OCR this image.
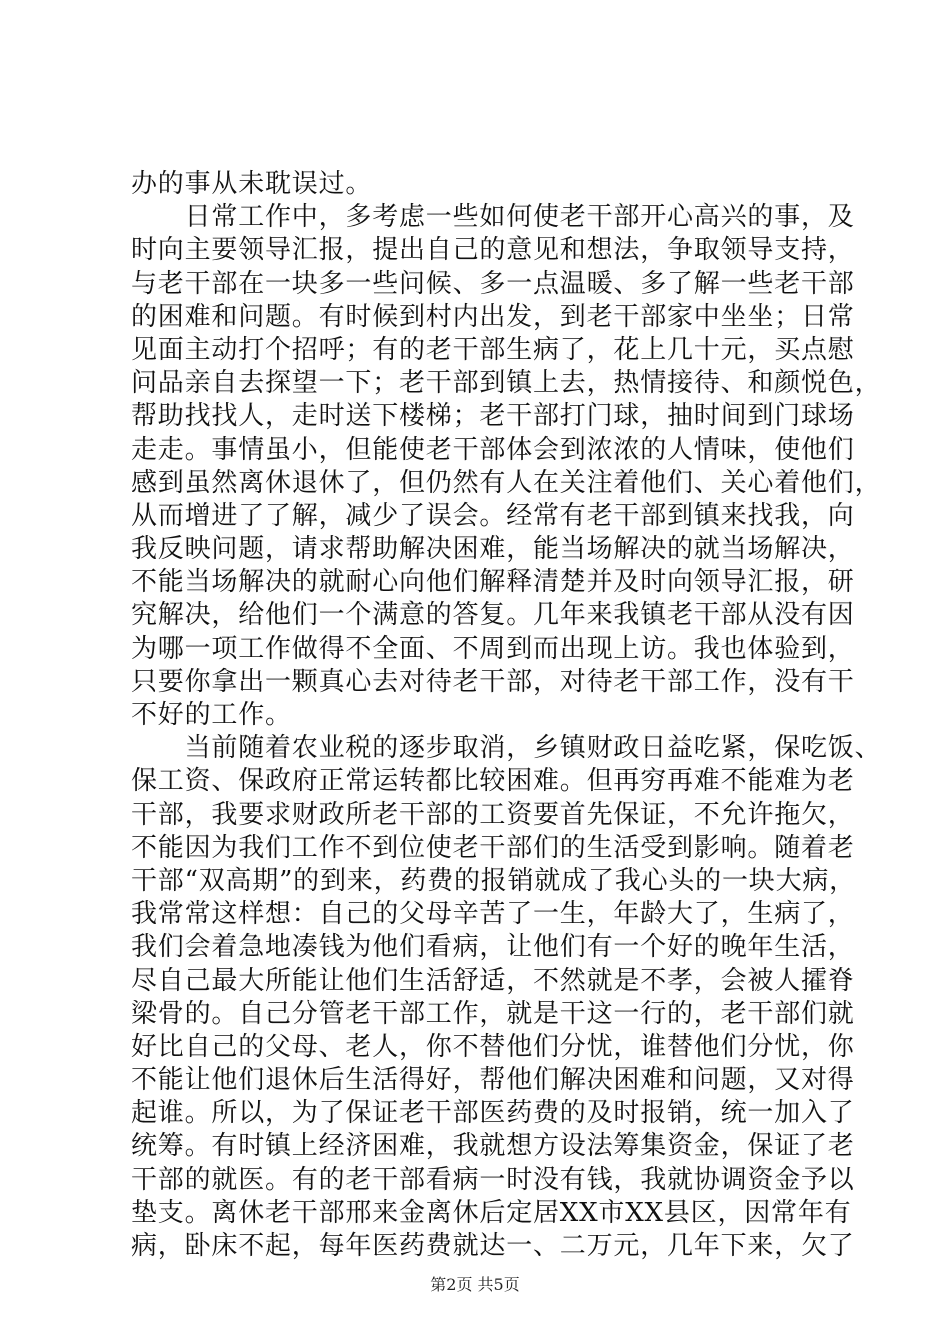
办的事从未耽误过。
　　日常工作中，多考虑一些如何使老干部开心高兴的事，及
时向主要领导汇报，提出自己的意见和想法，争取领导支持，
与老干部在一块多一些问候、多一点温暖、多了解一些老干部
的困难和问题。有时候到村内出发，到老干部家中坐坐；日常
见面主动打个招呼；有的老干部生病了，花上几十元，买点慰
问品亲自去探望一下；老干部到镇上去，热情接待、和颜悦色，
帮助找找人，走时送下楼梯；老干部打门球，抽时间到门球场
走走。事情虽小，但能使老干部体会到浓浓的人情味，使他们
感到虽然离休退休了，但仍然有人在关注着他们、关心着他们，
从而增进了了解，减少了误会。经常有老干部到镇来找我，向
我反映问题，请求帮助解决困难，能当场解决的就当场解决，
不能当场解决的就耐心向他们解释清楚并及时向领导汇报，研
究解决，给他们一个满意的答复。几年来我镇老干部从没有因
为哪一项工作做得不全面、不周到而出现上访。我也体验到，
只要你拿出一颗真心去对待老干部，对待老干部工作，没有干
不好的工作。
　　当前随着农业税的逐步取消，乡镇财政日益吃紧，保吃饭、
保工资、保政府正常运转都比较困难。但再穷再难不能难为老
干部，我要求财政所老干部的工资要首先保证，不允许拖欠，
不能因为我们工作不到位使老干部们的生活受到影响。随着老
干部“双高期”的到来，药费的报销就成了我心头的一块大病，
我常常这样想：自己的父母辛苦了一生，年龄大了，生病了，
我们会着急地凑钱为他们看病，让他们有一个好的晚年生活，
尽自己最大所能让他们生活舒适，不然就是不孝，会被人攉脊
梁骨的。自己分管老干部工作，就是干这一行的，老干部们就
好比自己的父母、老人，你不替他们分忧，谁替他们分忧，你
不能让他们退休后生活得好，帮他们解决困难和问题，又对得
起谁。所以，为了保证老干部医药费的及时报销，统一加入了
统筹。有时镇上经济困难，我就想方设法筹集资金，保证了老
干部的就医。有的老干部看病一时没有钱，我就协调资金予以
垫支。离休老干部邢来金离休后定居XX市XX县区，因常年有
病，卧床不起，每年医药费就达一、二万元，几年下来，欠了
第2页 共5页
